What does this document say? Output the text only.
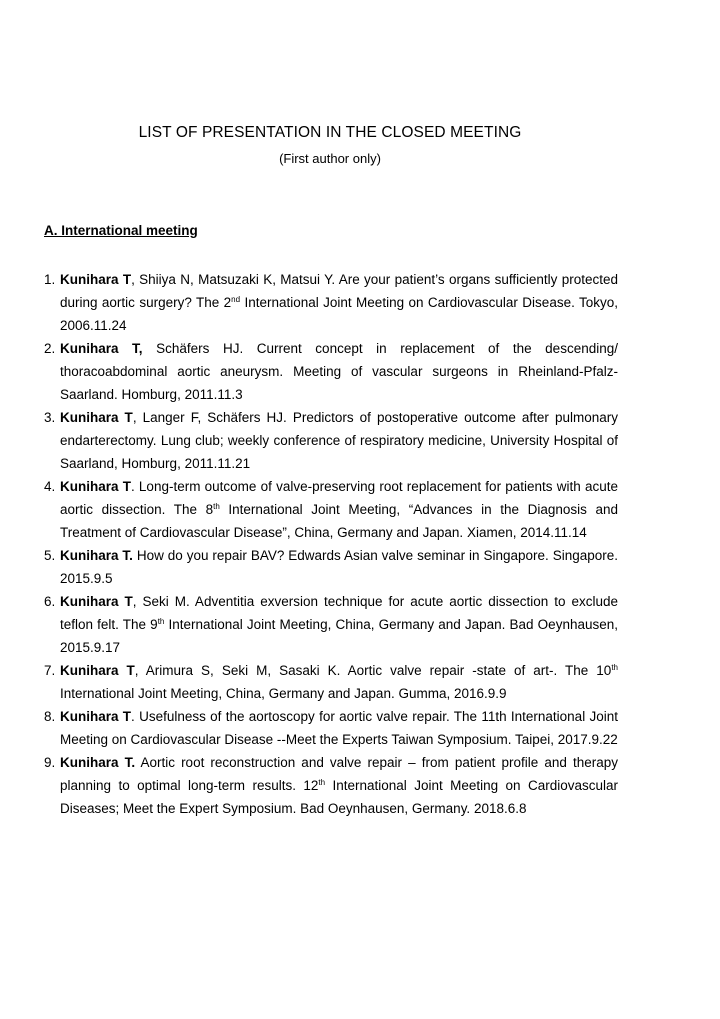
LIST OF PRESENTATION IN THE CLOSED MEETING
(First author only)
A. International meeting
1. Kunihara T, Shiiya N, Matsuzaki K, Matsui Y. Are your patient’s organs sufficiently protected during aortic surgery? The 2nd International Joint Meeting on Cardiovascular Disease. Tokyo, 2006.11.24
2. Kunihara T, Schäfers HJ. Current concept in replacement of the descending/ thoracoabdominal aortic aneurysm. Meeting of vascular surgeons in Rheinland-Pfalz-Saarland. Homburg, 2011.11.3
3. Kunihara T, Langer F, Schäfers HJ. Predictors of postoperative outcome after pulmonary endarterectomy. Lung club; weekly conference of respiratory medicine, University Hospital of Saarland, Homburg, 2011.11.21
4. Kunihara T. Long-term outcome of valve-preserving root replacement for patients with acute aortic dissection. The 8th International Joint Meeting, “Advances in the Diagnosis and Treatment of Cardiovascular Disease”, China, Germany and Japan. Xiamen, 2014.11.14
5. Kunihara T. How do you repair BAV? Edwards Asian valve seminar in Singapore. Singapore. 2015.9.5
6. Kunihara T, Seki M. Adventitia exversion technique for acute aortic dissection to exclude teflon felt. The 9th International Joint Meeting, China, Germany and Japan. Bad Oeynhausen, 2015.9.17
7. Kunihara T, Arimura S, Seki M, Sasaki K. Aortic valve repair -state of art-. The 10th International Joint Meeting, China, Germany and Japan. Gumma, 2016.9.9
8. Kunihara T. Usefulness of the aortoscopy for aortic valve repair. The 11th International Joint Meeting on Cardiovascular Disease --Meet the Experts Taiwan Symposium. Taipei, 2017.9.22
9. Kunihara T. Aortic root reconstruction and valve repair – from patient profile and therapy planning to optimal long-term results. 12th International Joint Meeting on Cardiovascular Diseases; Meet the Expert Symposium. Bad Oeynhausen, Germany. 2018.6.8
